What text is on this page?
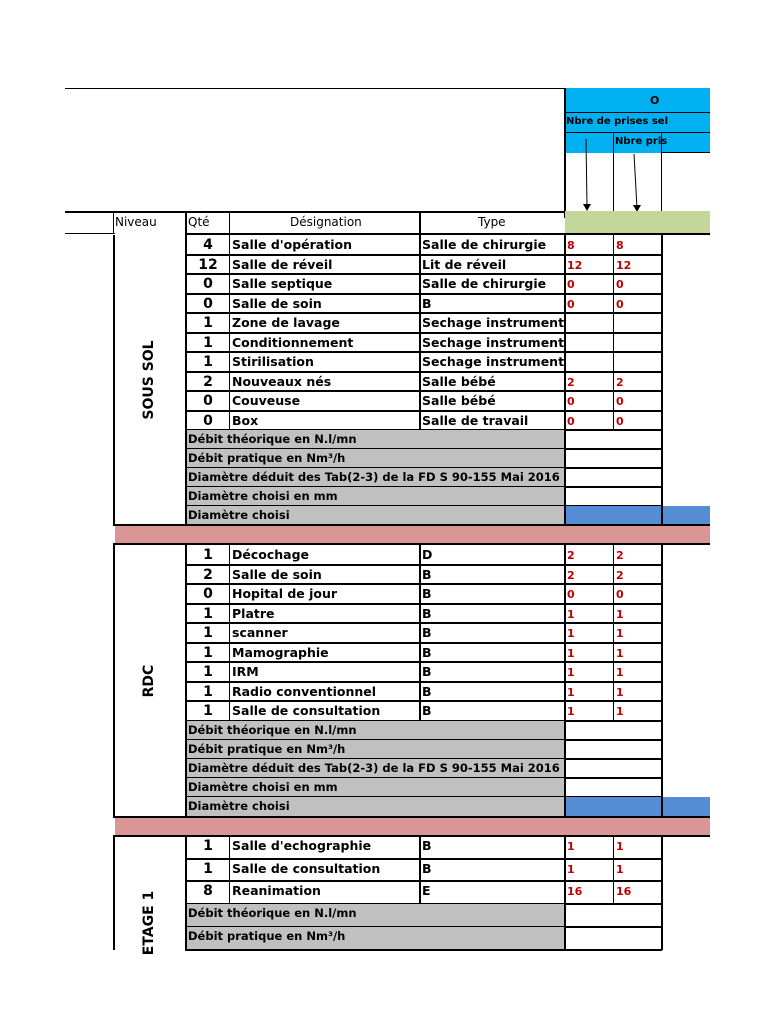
O
Nbre de prises sel
Nbre pris
Niveau	Qté	Désignation	Type
4	Salle d'opération	Salle de chirurgie 8	8
12	Salle de réveil	Lit de réveil	12	12
0	Salle septique	Salle de chirurgie 0	0
0	Salle de soin	B	0	0
1	Zone de lavage	Sechage instrument
1	Conditionnement	Sechage instrument
1	Stirilisation	Sechage instrument
2	Nouveaux nés	Salle bébé	2	2
0	Couveuse	Salle bébé	0	0
0	Box	Salle de travail	0	0
Débit théorique en N.l/mn
Débit pratique en Nm³/h
Diamètre déduit des Tab(2-3) de la FD S 90-155 Mai 2016
Diamètre choisi en mm
Diamètre choisi
SOUS SOL
1	Décochage	D	2	2
2	Salle de soin	B	2	2
0	Hopital de jour	B	0	0
1	Platre	B	1	1
1	scanner	B	1	1
1	Mamographie	B	1	1
1	IRM	B	1	1
1	Radio conventionnel	B	1	1
1	Salle de consultation	B	1	1
Débit théorique en N.l/mn
Débit pratique en Nm³/h
Diamètre déduit des Tab(2-3) de la FD S 90-155 Mai 2016
Diamètre choisi en mm
Diamètre choisi
RDC
1	Salle d'echographie	B	1	1
1	Salle de consultation	B	1	1
8	Reanimation	E	16	16
Débit théorique en N.l/mn
Débit pratique en Nm³/h
ETAGE 1
